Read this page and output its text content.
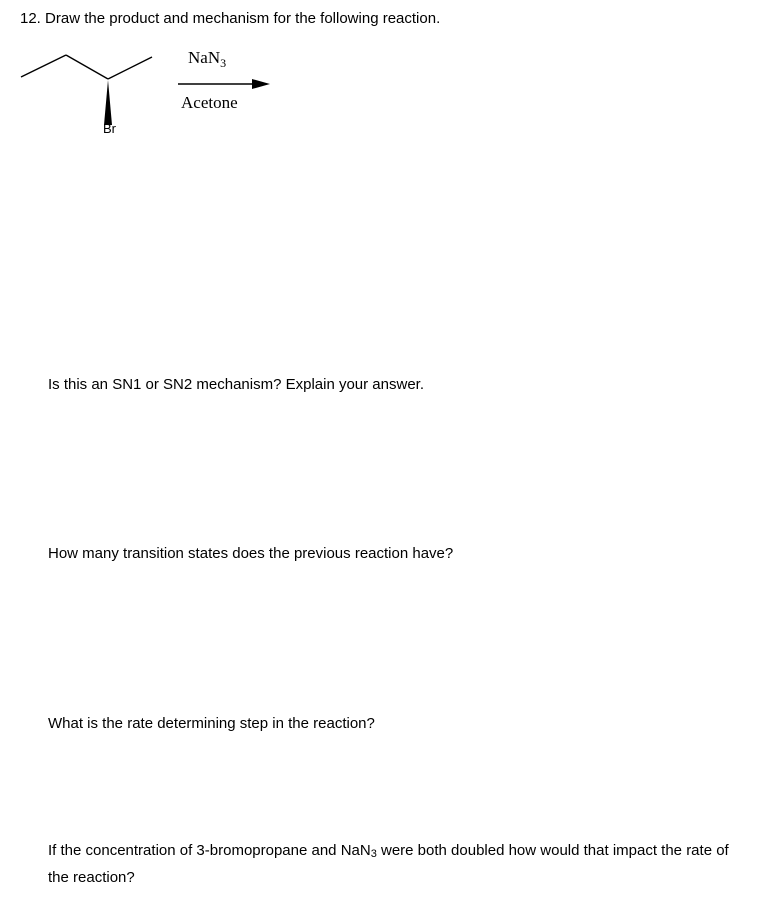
12. Draw the product and mechanism for the following reaction.
Br
NaN$_3$
Acetone
Is this an SN1 or SN2 mechanism? Explain your answer.
How many transition states does the previous reaction have?
What is the rate determining step in the reaction?
If the concentration of 3-bromopropane and NaN3 were both doubled how would that impact the rate of the reaction?
